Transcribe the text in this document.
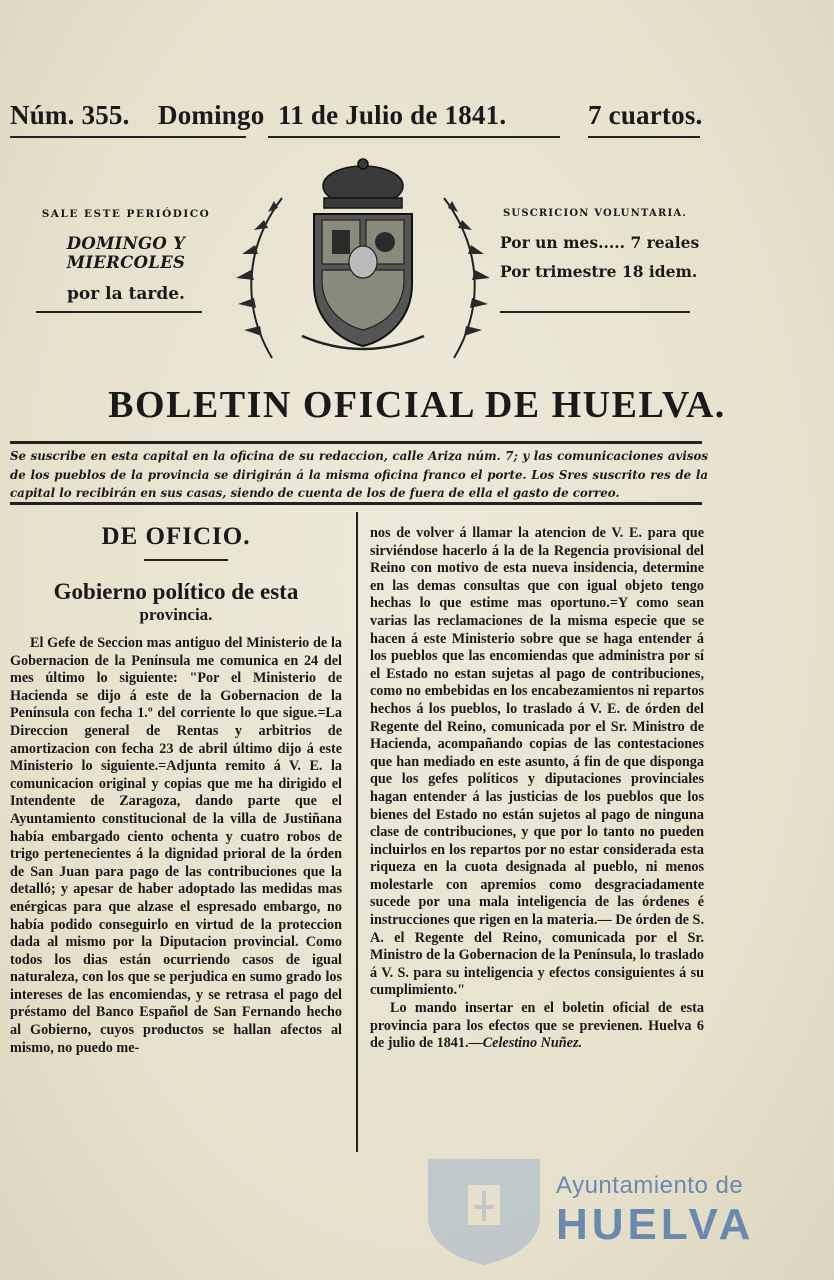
Núm. 355. Domingo 11 de Julio de 1841.	7 cuartos.
SALE ESTE PERIÓDICO
DOMINGO Y MIERCOLES
por la tarde.
SUSCRICION VOLUNTARIA.
Por un mes..... 7 reales
Por trimestre 18 idem.
BOLETIN OFICIAL DE HUELVA.
Se suscribe en esta capital en la oficina de su redaccion, calle Ariza núm. 7; y las comunicaciones avisos de los pueblos de la provincia se dirigirán á la misma oficina franco el porte. Los Sres suscrito res de la capital lo recibirán en sus casas, siendo de cuenta de los de fuera de ella el gasto de correo.
DE OFICIO.
Gobierno político de esta
provincia.
El Gefe de Seccion mas antiguo del Ministerio de la Gobernacion de la Península me comunica en 24 del mes último lo siguiente: "Por el Ministerio de Hacienda se dijo á este de la Gobernacion de la Península con fecha 1.º del corriente lo que sigue.=La Direccion general de Rentas y arbitrios de amortizacion con fecha 23 de abril último dijo á este Ministerio lo siguiente.=Adjunta remito á V. E. la comunicacion original y copias que me ha dirigido el Intendente de Zaragoza, dando parte que el Ayuntamiento constitucional de la villa de Justiñana había embargado ciento ochenta y cuatro robos de trigo pertenecientes á la dignidad prioral de la órden de San Juan para pago de las contribuciones que la detalló; y apesar de haber adoptado las medidas mas enérgicas para que alzase el espresado embargo, no había podido conseguirlo en virtud de la proteccion dada al mismo por la Diputacion provincial. Como todos los dias están ocurriendo casos de igual naturaleza, con los que se perjudica en sumo grado los intereses de las encomiendas, y se retrasa el pago del préstamo del Banco Español de San Fernando hecho al Gobierno, cuyos productos se hallan afectos al mismo, no puedo me-
nos de volver á llamar la atencion de V. E. para que sirviéndose hacerlo á la de la Regencia provisional del Reino con motivo de esta nueva insidencia, determine en las demas consultas que con igual objeto tengo hechas lo que estime mas oportuno.=Y como sean varias las reclamaciones de la misma especie que se hacen á este Ministerio sobre que se haga entender á los pueblos que las encomiendas que administra por sí el Estado no estan sujetas al pago de contribuciones, como no embebidas en los encabezamientos ni repartos hechos á los pueblos, lo traslado á V. E. de órden del Regente del Reino, comunicada por el Sr. Ministro de Hacienda, acompañando copias de las contestaciones que han mediado en este asunto, á fin de que disponga que los gefes políticos y diputaciones provinciales hagan entender á las justicias de los pueblos que los bienes del Estado no están sujetos al pago de ninguna clase de contribuciones, y que por lo tanto no pueden incluirlos en los repartos por no estar considerada esta riqueza en la cuota designada al pueblo, ni menos molestarle con apremios como desgraciadamente sucede por una mala inteligencia de las órdenes é instrucciones que rigen en la materia.— De órden de S. A. el Regente del Reino, comunicada por el Sr. Ministro de la Gobernacion de la Península, lo traslado á V. S. para su inteligencia y efectos consiguientes á su cumplimiento."
Lo mando insertar en el boletin oficial de esta provincia para los efectos que se previenen. Huelva 6 de julio de 1841.—Celestino Nuñez.
Ayuntamiento de
HUELVA
